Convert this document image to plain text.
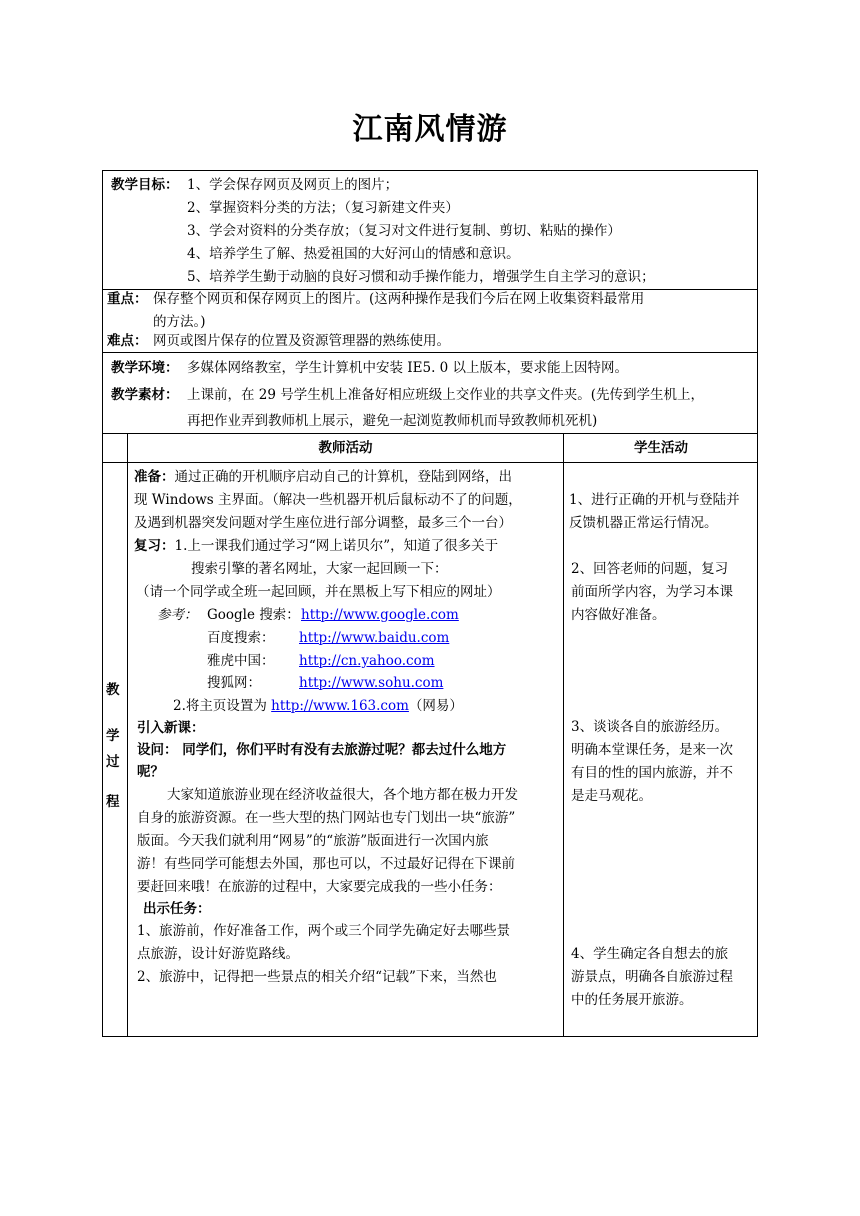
江南风情游
教学目标： 1、学会保存网页及网页上的图片；
2、掌握资料分类的方法；（复习新建文件夹）
3、学会对资料的分类存放；（复习对文件进行复制、剪切、粘贴的操作）
4、培养学生了解、热爱祖国的大好河山的情感和意识。
5、培养学生勤于动脑的良好习惯和动手操作能力，增强学生自主学习的意识；
重点： 保存整个网页和保存网页上的图片。(这两种操作是我们今后在网上收集资料最常用
的方法。)
难点： 网页或图片保存的位置及资源管理器的熟练使用。
教学环境： 多媒体网络教室，学生计算机中安装 IE5. 0 以上版本，要求能上因特网。
教学素材： 上课前，在 29 号学生机上准备好相应班级上交作业的共享文件夹。(先传到学生机上，
再把作业弄到教师机上展示，避免一起浏览教师机而导致教师机死机)
教师活动	学生活动
教
学
过
程
准备：通过正确的开机顺序启动自己的计算机，登陆到网络，出
现 Windows 主界面。（解决一些机器开机后鼠标动不了的问题，
及遇到机器突发问题对学生座位进行部分调整，最多三个一台）
复习：1.上一课我们通过学习“网上诺贝尔”，知道了很多关于
搜索引擎的著名网址，大家一起回顾一下：
（请一个同学或全班一起回顾，并在黑板上写下相应的网址）
参考： Google 搜索： http://www.google.com
百度搜索： http://www.baidu.com
雅虎中国： http://cn.yahoo.com
搜狐网：	http://www.sohu.com
2.将主页设置为 http://www.163.com（网易）
引入新课：
设问： 同学们，你们平时有没有去旅游过呢？都去过什么地方
呢？
大家知道旅游业现在经济收益很大，各个地方都在极力开发
自身的旅游资源。在一些大型的热门网站也专门划出一块“旅游”
版面。今天我们就利用“网易”的“旅游”版面进行一次国内旅
游！有些同学可能想去外国，那也可以，不过最好记得在下课前
要赶回来哦！在旅游的过程中，大家要完成我的一些小任务：
出示任务：
1、旅游前，作好准备工作，两个或三个同学先确定好去哪些景
点旅游，设计好游览路线。
2、旅游中，记得把一些景点的相关介绍“记载”下来，当然也
1、进行正确的开机与登陆并
反馈机器正常运行情况。
2、回答老师的问题，复习
前面所学内容，为学习本课
内容做好准备。
3、谈谈各自的旅游经历。
明确本堂课任务，是来一次
有目的性的国内旅游，并不
是走马观花。
4、学生确定各自想去的旅
游景点，明确各自旅游过程
中的任务展开旅游。
